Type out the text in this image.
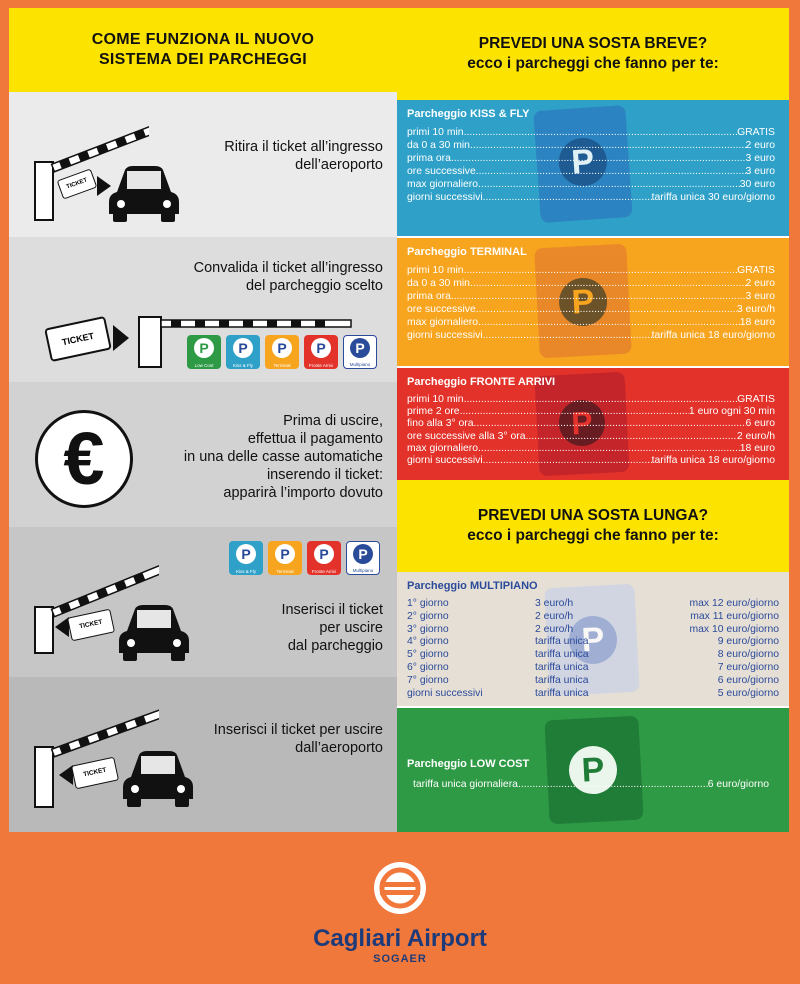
COME FUNZIONA IL NUOVO
SISTEMA DEI PARCHEGGI
TICKET
Ritira il ticket all’ingresso
dell’aeroporto
Convalida il ticket all’ingresso
del parcheggio scelto
TICKET
P
Low Cost
P
Kiss & Fly
P
Terminal
P
Fronte Arrivi
P
Multipiano
€	Prima di uscire,
effettua il pagamento
in una delle casse automatiche
inserendo il ticket:
apparirà l’importo dovuto
P
Kiss & Fly
P
Terminal
P
Fronte Arrivi
P
Multipiano
TICKET
Inserisci il ticket
per uscire
dal parcheggio
TICKET
Inserisci il ticket per uscire
dall’aeroporto
PREVEDI UNA SOSTA BREVE?
ecco i parcheggi che fanno per te:
P
Parcheggio KISS & FLY
primi 10 min .....	GRATIS
da 0 a 30 min .....	2 euro
prima ora .....	3 euro
ore successive .....	3 euro
max giornaliero .....	30 euro
giorni successivi .....	tariffa unica 30 euro/giorno
P
Parcheggio TERMINAL
primi 10 min .....	GRATIS
da 0 a 30 min .....	2 euro
prima ora .....	3 euro
ore successive .....	3 euro/h
max giornaliero .....	18 euro
giorni successivi .....	tariffa unica 18 euro/giorno
P
Parcheggio FRONTE ARRIVI
primi 10 min .....	GRATIS
prime 2 ore .....	1 euro ogni 30 min
fino alla 3° ora .....	6 euro
ore successive alla 3° ora .....	2 euro/h
max giornaliero .....	18 euro
giorni successivi .....	tariffa unica 18 euro/giorno
PREVEDI UNA SOSTA LUNGA?
ecco i parcheggi che fanno per te:
P
Parcheggio MULTIPIANO
1° giorno	3 euro/h	max 12 euro/giorno
2° giorno	2 euro/h	max 11 euro/giorno
3° giorno	2 euro/h	max 10 euro/giorno
4° giorno	tariffa unica	9 euro/giorno
5° giorno	tariffa unica	8 euro/giorno
6° giorno	tariffa unica	7 euro/giorno
7° giorno	tariffa unica	6 euro/giorno
giorni successivi	tariffa unica	5 euro/giorno
P
Parcheggio LOW COST
tariffa unica giornaliera .....	6 euro/giorno
Cagliari Airport
SOGAER
